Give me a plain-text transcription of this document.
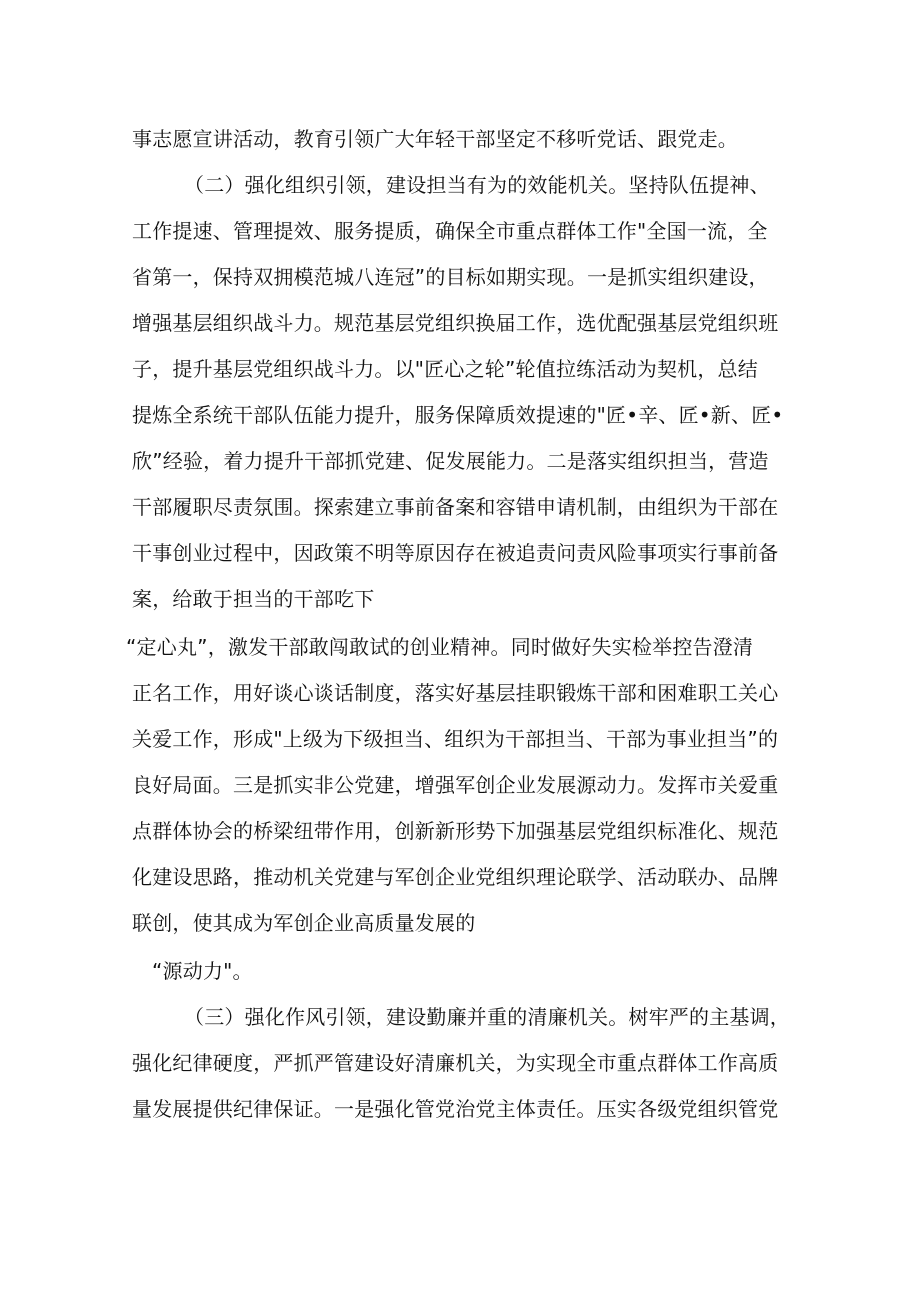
事志愿宣讲活动，教育引领广大年轻干部坚定不移听党话、跟党走。
（二）强化组织引领，建设担当有为的效能机关。坚持队伍提神、
工作提速、管理提效、服务提质，确保全市重点群体工作"全国一流，全
省第一，保持双拥模范城八连冠”的目标如期实现。一是抓实组织建设，
增强基层组织战斗力。规范基层党组织换届工作，选优配强基层党组织班
子，提升基层党组织战斗力。以"匠心之轮”轮值拉练活动为契机，总结
提炼全系统干部队伍能力提升，服务保障质效提速的"匠•辛、匠•新、匠•
欣”经验，着力提升干部抓党建、促发展能力。二是落实组织担当，营造
干部履职尽责氛围。探索建立事前备案和容错申请机制，由组织为干部在
干事创业过程中，因政策不明等原因存在被追责问责风险事项实行事前备
案，给敢于担当的干部吃下
“定心丸”，激发干部敢闯敢试的创业精神。同时做好失实检举控告澄清
正名工作，用好谈心谈话制度，落实好基层挂职锻炼干部和困难职工关心
关爱工作，形成"上级为下级担当、组织为干部担当、干部为事业担当”的
良好局面。三是抓实非公党建，增强军创企业发展源动力。发挥市关爱重
点群体协会的桥梁纽带作用，创新新形势下加强基层党组织标准化、规范
化建设思路，推动机关党建与军创企业党组织理论联学、活动联办、品牌
联创，使其成为军创企业高质量发展的
“源动力"。
（三）强化作风引领，建设勤廉并重的清廉机关。树牢严的主基调，
强化纪律硬度，严抓严管建设好清廉机关，为实现全市重点群体工作高质
量发展提供纪律保证。一是强化管党治党主体责任。压实各级党组织管党
